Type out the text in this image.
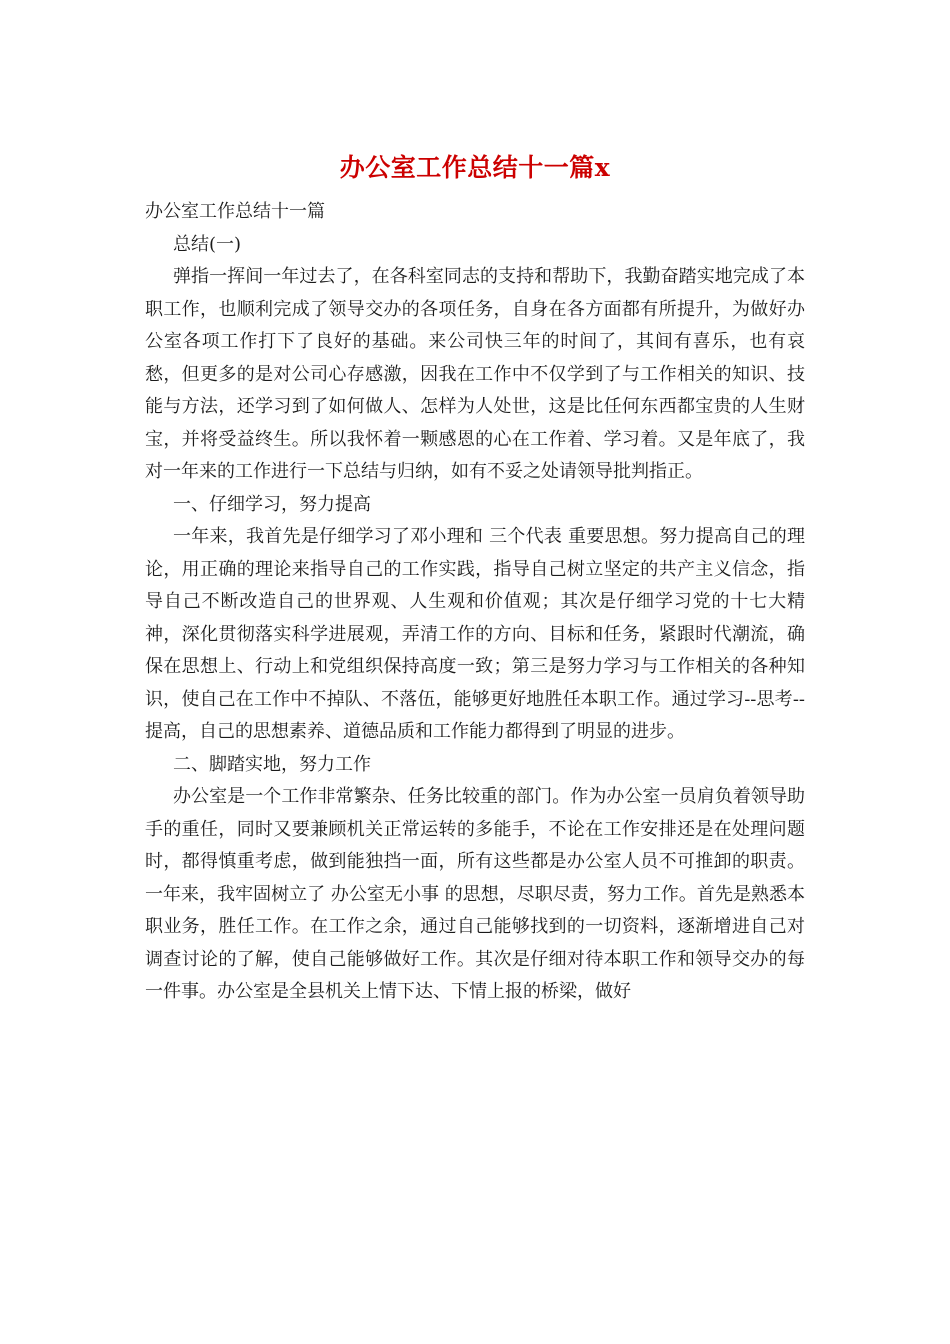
办公室工作总结十一篇x

办公室工作总结十一篇

总结(一)

弹指一挥间一年过去了，在各科室同志的支持和帮助下，我勤奋踏实地完成了本职工作，也顺利完成了领导交办的各项任务，自身在各方面都有所提升，为做好办公室各项工作打下了良好的基础。来公司快三年的时间了，其间有喜乐，也有哀愁，但更多的是对公司心存感激，因我在工作中不仅学到了与工作相关的知识、技能与方法，还学习到了如何做人、怎样为人处世，这是比任何东西都宝贵的人生财宝，并将受益终生。所以我怀着一颗感恩的心在工作着、学习着。又是年底了，我对一年来的工作进行一下总结与归纳，如有不妥之处请领导批判指正。

一、仔细学习，努力提高

一年来，我首先是仔细学习了邓小理和 三个代表 重要思想。努力提高自己的理论，用正确的理论来指导自己的工作实践，指导自己树立坚定的共产主义信念，指导自己不断改造自己的世界观、人生观和价值观；其次是仔细学习党的十七大精神，深化贯彻落实科学进展观，弄清工作的方向、目标和任务，紧跟时代潮流，确保在思想上、行动上和党组织保持高度一致；第三是努力学习与工作相关的各种知识，使自己在工作中不掉队、不落伍，能够更好地胜任本职工作。通过学习--思考--提高，自己的思想素养、道德品质和工作能力都得到了明显的进步。

二、脚踏实地，努力工作

办公室是一个工作非常繁杂、任务比较重的部门。作为办公室一员肩负着领导助手的重任，同时又要兼顾机关正常运转的多能手，不论在工作安排还是在处理问题时，都得慎重考虑，做到能独挡一面，所有这些都是办公室人员不可推卸的职责。一年来，我牢固树立了 办公室无小事 的思想，尽职尽责，努力工作。首先是熟悉本职业务，胜任工作。在工作之余，通过自己能够找到的一切资料，逐渐增进自己对调查讨论的了解，使自己能够做好工作。其次是仔细对待本职工作和领导交办的每一件事。办公室是全县机关上情下达、下情上报的桥梁，做好
